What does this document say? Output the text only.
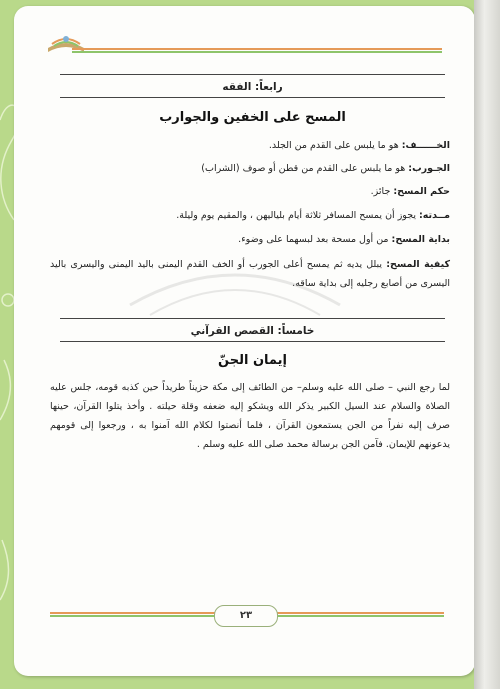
رابعاً: الفقه
المسح على الخفين والجوارب
الخــــــف: هو ما يلبس على القدم من الجلد.
الجـورب: هو ما يلبس على القدم من قطن أو صوف (الشراب)
حكم المسح: جائز.
مــدته: يجوز أن يمسح المسافر ثلاثة أيام بلياليهن ، والمقيم يوم وليلة.
بداية المسح: من أول مسحة بعد لبسهما على وضوء.

كيفية المسح: يبلل يديه ثم يمسح أعلى الجورب أو الخف القدم اليمنى باليد اليمنى واليسرى باليد اليسرى من أصابع رجليه إلى بداية ساقه.

خامساً: القصص القرآني
إيمان الجنّ

لما رجع النبي – صلى الله عليه وسلم– من الطائف إلى مكة حزيناً طريداً حين كذبه قومه، جلس عليه الصلاة والسلام عند السيل الكبير يذكر الله ويشكو إليه ضعفه وقلة حيلته . وأخذ يتلوا القرآن، حينها صرف إليه نفراً من الجن يستمعون القرآن ، فلما أنصتوا لكلام الله آمنوا به ، ورجعوا إلى قومهم يدعونهم للإيمان. فآمن الجن برسالة محمد صلى الله عليه وسلم .

٢٣
